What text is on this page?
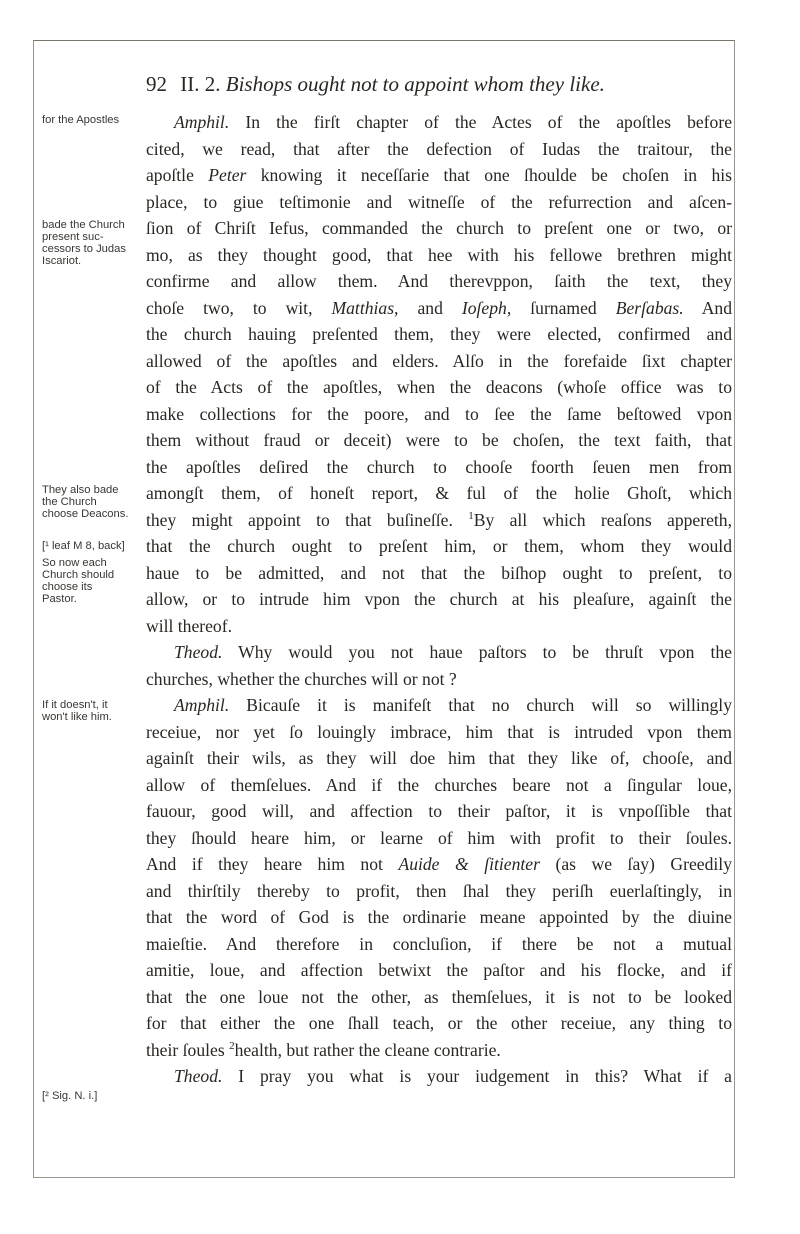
92 II. 2. Bishops ought not to appoint whom they like.
for the Apostles
bade the Church
present suc-
cessors to Judas
Iscariot.
They also bade
the Church
choose Deacons.
[¹ leaf M 8, back]
So now each
Church should
choose its
Pastor.
If it doesn't, it
won't like him.
[² Sig. N. i.]
Amphil. In the firſt chapter of the Actes of the apoſtles before
cited, we read, that after the defection of Iudas the traitour, the
apoſtle Peter knowing it neceſſarie that one ſhoulde be choſen in his
place, to giue teſtimonie and witneſſe of the refurrection and aſcen-
ſion of Chriſt Iefus, commanded the church to preſent one or two, or
mo, as they thought good, that hee with his fellowe brethren might
confirme and allow them. And therevppon, ſaith the text, they
choſe two, to wit, Matthias, and Ioſeph, ſurnamed Berſabas. And
the church hauing preſented them, they were elected, confirmed and
allowed of the apoſtles and elders. Alſo in the forefaide ſixt chapter
of the Acts of the apoſtles, when the deacons (whoſe office was to
make collections for the poore, and to ſee the ſame beſtowed vpon
them without fraud or deceit) were to be choſen, the text faith, that
the apoſtles deſired the church to chooſe foorth ſeuen men from
amongſt them, of honeſt report, & ful of the holie Ghoſt, which
they might appoint to that buſineſſe. $^1$By all which reaſons appereth,
that the church ought to preſent him, or them, whom they would
haue to be admitted, and not that the biſhop ought to preſent, to
allow, or to intrude him vpon the church at his pleaſure, againſt the
will thereof.
Theod. Why would you not haue paſtors to be thruſt vpon the
churches, whether the churches will or not ?
Amphil. Bicauſe it is manifeſt that no church will so willingly
receiue, nor yet ſo louingly imbrace, him that is intruded vpon them
againſt their wils, as they will doe him that they like of, chooſe, and
allow of themſelues. And if the churches beare not a ſingular loue,
fauour, good will, and affection to their paſtor, it is vnpoſſible that
they ſhould heare him, or learne of him with profit to their ſoules.
And if they heare him not Auide & ſitienter (as we ſay) Greedily
and thirſtily thereby to profit, then ſhal they periſh euerlaſtingly, in
that the word of God is the ordinarie meane appointed by the diuine
maieſtie. And therefore in concluſion, if there be not a mutual
amitie, loue, and affection betwixt the paſtor and his flocke, and if
that the one loue not the other, as themſelues, it is not to be looked
for that either the one ſhall teach, or the other receiue, any thing to
their ſoules $^2$health, but rather the cleane contrarie.
Theod. I pray you what is your iudgement in this? What if a
